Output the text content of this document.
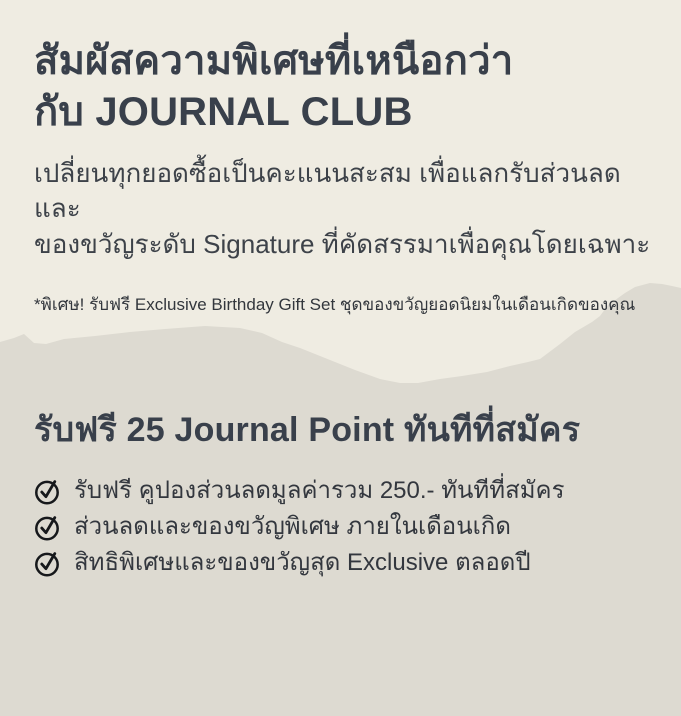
สัมผัสความพิเศษที่เหนือกว่า
กับ JOURNAL CLUB

เปลี่ยนทุกยอดซื้อเป็นคะแนนสะสม เพื่อแลกรับส่วนลดและ
ของขวัญระดับ Signature ที่คัดสรรมาเพื่อคุณโดยเฉพาะ

*พิเศษ! รับฟรี Exclusive Birthday Gift Set ชุดของขวัญยอดนิยมในเดือนเกิดของคุณ

รับฟรี 25 Journal Point ทันทีที่สมัคร
รับฟรี คูปองส่วนลดมูลค่ารวม 250.- ทันทีที่สมัคร
ส่วนลดและของขวัญพิเศษ ภายในเดือนเกิด
สิทธิพิเศษและของขวัญสุด Exclusive ตลอดปี
